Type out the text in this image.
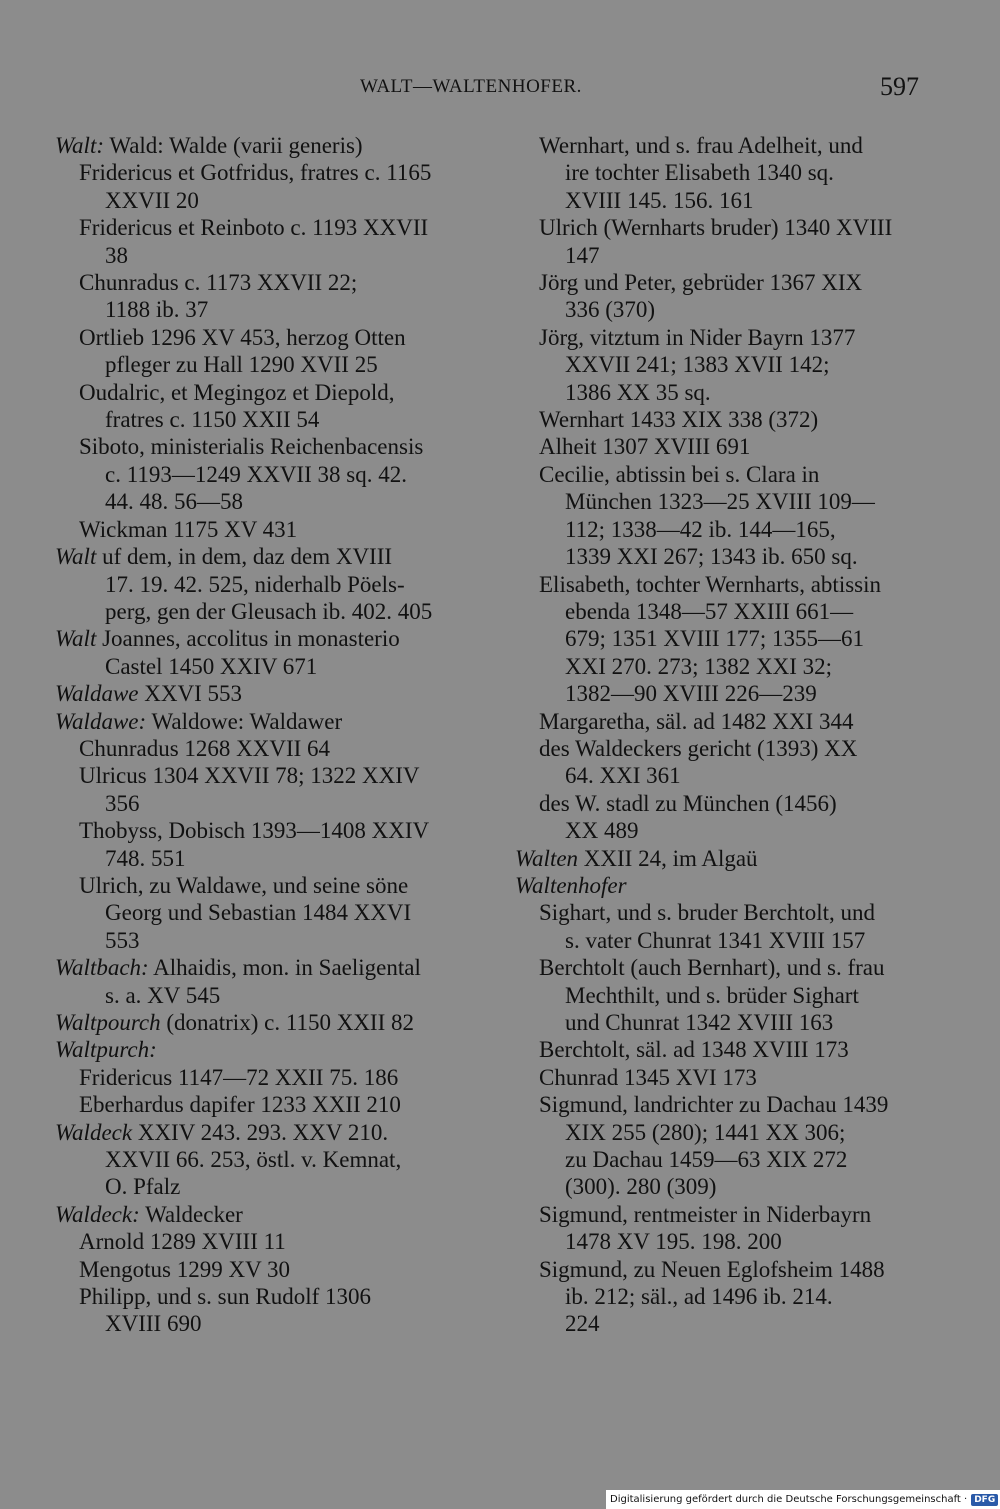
WALT—WALTENHOFER.	597
Walt: Wald: Walde (varii generis)
Fridericus et Gotfridus, fratres c. 1165
XXVII 20
Fridericus et Reinboto c. 1193 XXVII
38
Chunradus c. 1173 XXVII 22;
1188 ib. 37
Ortlieb 1296 XV 453, herzog Otten
pfleger zu Hall 1290 XVII 25
Oudalric, et Megingoz et Diepold,
fratres c. 1150 XXII 54
Siboto, ministerialis Reichenbacensis
c. 1193—1249 XXVII 38 sq. 42.
44. 48. 56—58
Wickman 1175 XV 431
Walt uf dem, in dem, daz dem XVIII
17. 19. 42. 525, niderhalb Pöels-
perg, gen der Gleusach ib. 402. 405
Walt Joannes, accolitus in monasterio
Castel 1450 XXIV 671
Waldawe XXVI 553
Waldawe: Waldowe: Waldawer
Chunradus 1268 XXVII 64
Ulricus 1304 XXVII 78; 1322 XXIV
356
Thobyss, Dobisch 1393—1408 XXIV
748. 551
Ulrich, zu Waldawe, und seine söne
Georg und Sebastian 1484 XXVI
553
Waltbach: Alhaidis, mon. in Saeligental
s. a. XV 545
Waltpourch (donatrix) c. 1150 XXII 82
Waltpurch:
Fridericus 1147—72 XXII 75. 186
Eberhardus dapifer 1233 XXII 210
Waldeck XXIV 243. 293. XXV 210.
XXVII 66. 253, östl. v. Kemnat,
O. Pfalz
Waldeck: Waldecker
Arnold 1289 XVIII 11
Mengotus 1299 XV 30
Philipp, und s. sun Rudolf 1306
XVIII 690
Wernhart, und s. frau Adelheit, und
ire tochter Elisabeth 1340 sq.
XVIII 145. 156. 161
Ulrich (Wernharts bruder) 1340 XVIII
147
Jörg und Peter, gebrüder 1367 XIX
336 (370)
Jörg, vitztum in Nider Bayrn 1377
XXVII 241; 1383 XVII 142;
1386 XX 35 sq.
Wernhart 1433 XIX 338 (372)
Alheit 1307 XVIII 691
Cecilie, abtissin bei s. Clara in
München 1323—25 XVIII 109—
112; 1338—42 ib. 144—165,
1339 XXI 267; 1343 ib. 650 sq.
Elisabeth, tochter Wernharts, abtissin
ebenda 1348—57 XXIII 661—
679; 1351 XVIII 177; 1355—61
XXI 270. 273; 1382 XXI 32;
1382—90 XVIII 226—239
Margaretha, säl. ad 1482 XXI 344
des Waldeckers gericht (1393) XX
64. XXI 361
des W. stadl zu München (1456)
XX 489
Walten XXII 24, im Algaü
Waltenhofer
Sighart, und s. bruder Berchtolt, und
s. vater Chunrat 1341 XVIII 157
Berchtolt (auch Bernhart), und s. frau
Mechthilt, und s. brüder Sighart
und Chunrat 1342 XVIII 163
Berchtolt, säl. ad 1348 XVIII 173
Chunrad 1345 XVI 173
Sigmund, landrichter zu Dachau 1439
XIX 255 (280); 1441 XX 306;
zu Dachau 1459—63 XIX 272
(300). 280 (309)
Sigmund, rentmeister in Niderbayrn
1478 XV 195. 198. 200
Sigmund, zu Neuen Eglofsheim 1488
ib. 212; säl., ad 1496 ib. 214.
224
Digitalisierung gefördert durch die Deutsche Forschungsgemeinschaft · DFG
